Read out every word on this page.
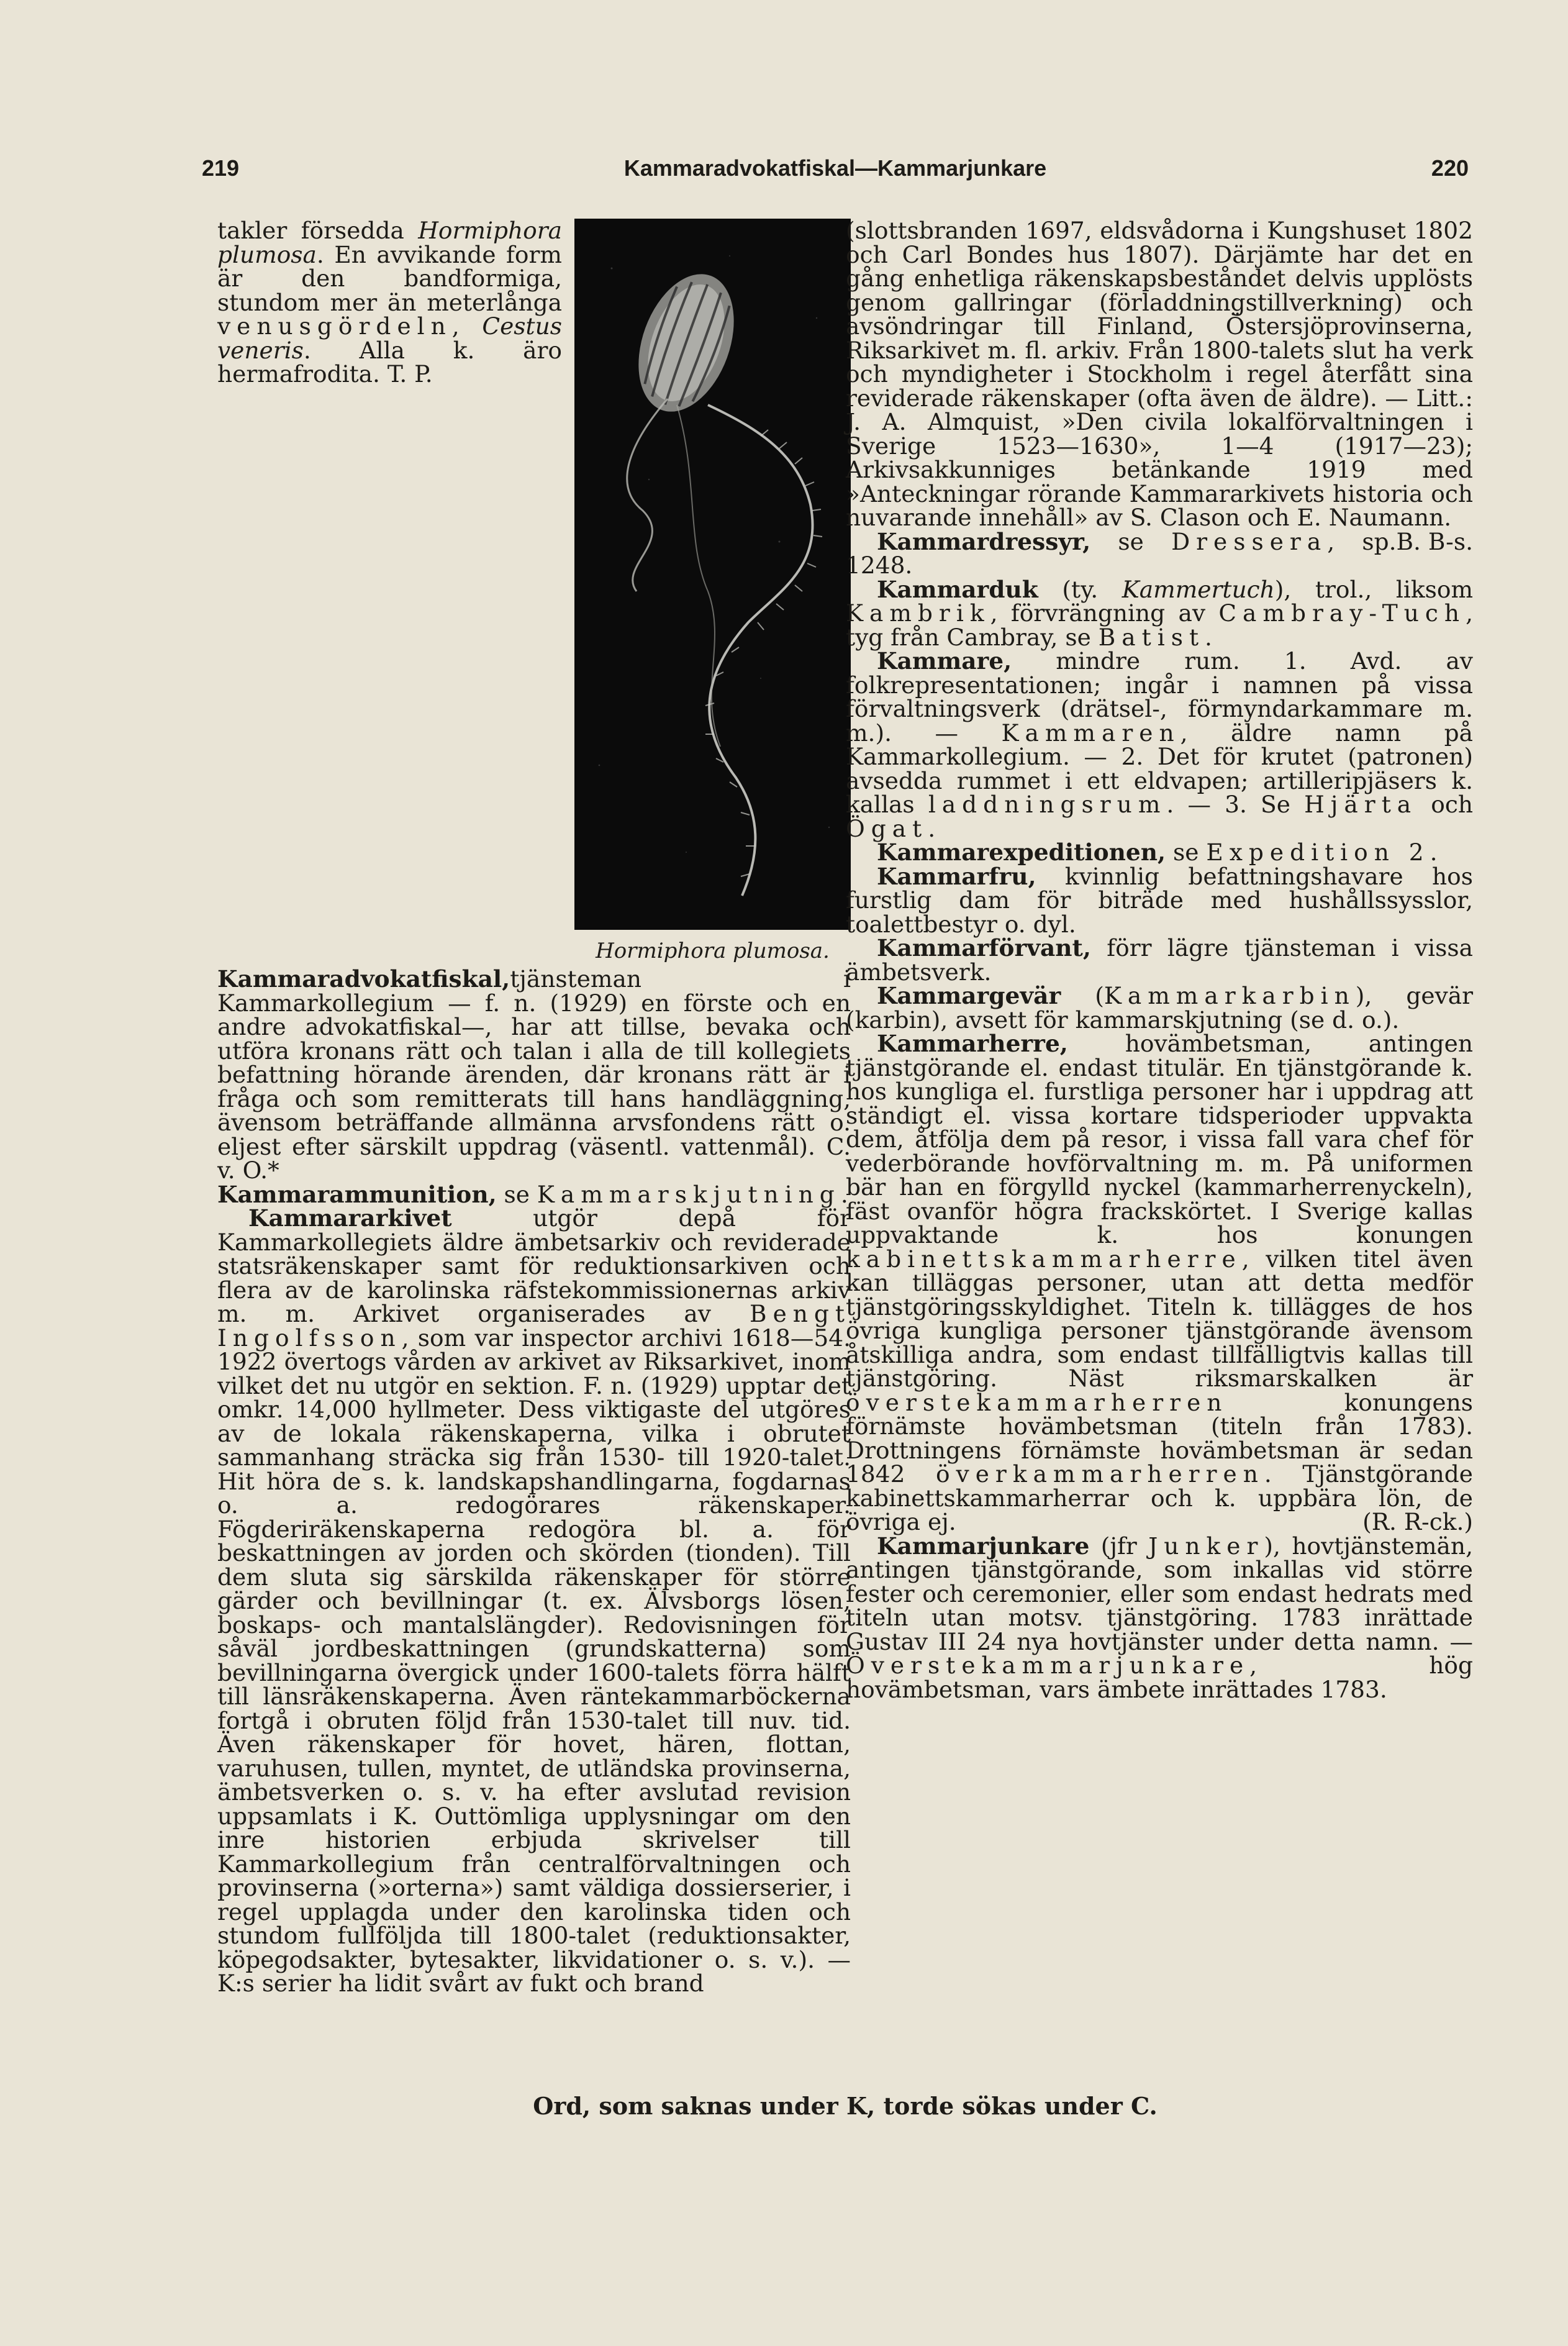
219	Kammaradvokatfiskal—Kammarjunkare	220
Hormiphora plumosa.

takler försedda Hormiphora plumosa. En avvikande form är den bandformiga, stundom mer än meterlånga venusgördeln, Cestus veneris. Alla k. äro hermafrodita. T. P.

Kammaradvokatfiskal,tjänsteman i Kammarkollegium — f. n. (1929) en förste och en andre advokatfiskal—, har att tillse, bevaka och utföra kronans rätt och talan i alla de till kollegiets befattning hörande ärenden, där kronans rätt är i fråga och som remitterats till hans handläggning, ävensom beträffande allmänna arvsfondens rätt o. eljest efter särskilt uppdrag (väsentl. vattenmål). C. v. O.*

Kammarammunition, se Kammarskjutning.

Kammararkivet utgör depå för Kammarkollegiets äldre ämbetsarkiv och reviderade statsräkenskaper samt för reduktionsarkiven och flera av de karolinska räfstekommissionernas arkiv m. m. Arkivet organiserades av Bengt Ingolfsson, som var inspector archivi 1618—54. 1922 övertogs vården av arkivet av Riksarkivet, inom vilket det nu utgör en sektion. F. n. (1929) upptar det omkr. 14,000 hyllmeter. Dess viktigaste del utgöres av de lokala räkenskaperna, vilka i obrutet sammanhang sträcka sig från 1530- till 1920-talet. Hit höra de s. k. landskapshandlingarna, fogdarnas o. a. redogörares räkenskaper. Fögderiräkenskaperna redogöra bl. a. för beskattningen av jorden och skörden (tionden). Till dem sluta sig särskilda räkenskaper för större gärder och bevillningar (t. ex. Älvsborgs lösen, boskaps- och mantalslängder). Redovisningen för såväl jordbeskattningen (grundskatterna) som bevillningarna övergick under 1600-talets förra hälft till länsräkenskaperna. Även räntekammarböckerna fortgå i obruten följd från 1530-talet till nuv. tid. Även räkenskaper för hovet, hären, flottan, varuhusen, tullen, myntet, de utländska provinserna, ämbetsverken o. s. v. ha efter avslutad revision uppsamlats i K. Outtömliga upplysningar om den inre historien erbjuda skrivelser till Kammarkollegium från centralförvaltningen och provinserna (»orterna») samt väldiga dossierserier, i regel upplagda under den karolinska tiden och stundom fullföljda till 1800-talet (reduktionsakter, köpegodsakter, bytesakter, likvidationer o. s. v.). — K:s serier ha lidit svårt av fukt och brand

(slottsbranden 1697, eldsvådorna i Kungshuset 1802 och Carl Bondes hus 1807). Därjämte har det en gång enhetliga räkenskapsbeståndet delvis upplösts genom gallringar (förladdningstillverkning) och avsöndringar till Finland, Östersjöprovinserna, Riksarkivet m. fl. arkiv. Från 1800-talets slut ha verk och myndigheter i Stockholm i regel återfått sina reviderade räkenskaper (ofta även de äldre). — Litt.: J. A. Almquist, »Den civila lokalförvaltningen i Sverige 1523—1630», 1—4 (1917—23); Arkivsakkunniges betänkande 1919 med »Anteckningar rörande Kammararkivets historia och nuvarande innehåll» av S. Clason och E. Naumann.
B. B-s.

Kammardressyr, se Dressera, sp. 1248.

Kammarduk (ty. Kammertuch), trol., liksom Kambrik, förvrängning av Cambray-Tuch, tyg från Cambray, se Batist.

Kammare, mindre rum. 1. Avd. av folkrepresentationen; ingår i namnen på vissa förvaltningsverk (drätsel-, förmyndarkammare m. m.). — Kammaren, äldre namn på Kammarkollegium. — 2. Det för krutet (patronen) avsedda rummet i ett eldvapen; artilleripjäsers k. kallas laddningsrum. — 3. Se Hjärta och Ögat.

Kammarexpeditionen, se Expedition 2.

Kammarfru, kvinnlig befattningshavare hos furstlig dam för biträde med hushållssysslor, toalettbestyr o. dyl.

Kammarförvant, förr lägre tjänsteman i vissa ämbetsverk.

Kammargevär (Kammarkarbin), gevär (karbin), avsett för kammarskjutning (se d. o.).

Kammarherre, hovämbetsman, antingen tjänstgörande el. endast titulär. En tjänstgörande k. hos kungliga el. furstliga personer har i uppdrag att ständigt el. vissa kortare tidsperioder uppvakta dem, åtfölja dem på resor, i vissa fall vara chef för vederbörande hovförvaltning m. m. På uniformen bär han en förgylld nyckel (kammarherrenyckeln), fäst ovanför högra frackskörtet. I Sverige kallas uppvaktande k. hos konungen kabinettskammarherre, vilken titel även kan tilläggas personer, utan att detta medför tjänstgöringsskyldighet. Titeln k. tillägges de hos övriga kungliga personer tjänstgörande ävensom åtskilliga andra, som endast tillfälligtvis kallas till tjänstgöring. Näst riksmarskalken är överstekammarherren konungens förnämste hovämbetsman (titeln från 1783). Drottningens förnämste hovämbetsman är sedan 1842 överkammarherren. Tjänstgörande kabinettskammarherrar och k. uppbära lön, de övriga ej.	(R. R-ck.)

Kammarjunkare (jfr Junker), hovtjänstemän, antingen tjänstgörande, som inkallas vid större fester och ceremonier, eller som endast hedrats med titeln utan motsv. tjänstgöring. 1783 inrättade Gustav III 24 nya hovtjänster under detta namn. — Överstekammarjunkare, hög hovämbetsman, vars ämbete inrättades 1783.

Ord, som saknas under K, torde sökas under C.
